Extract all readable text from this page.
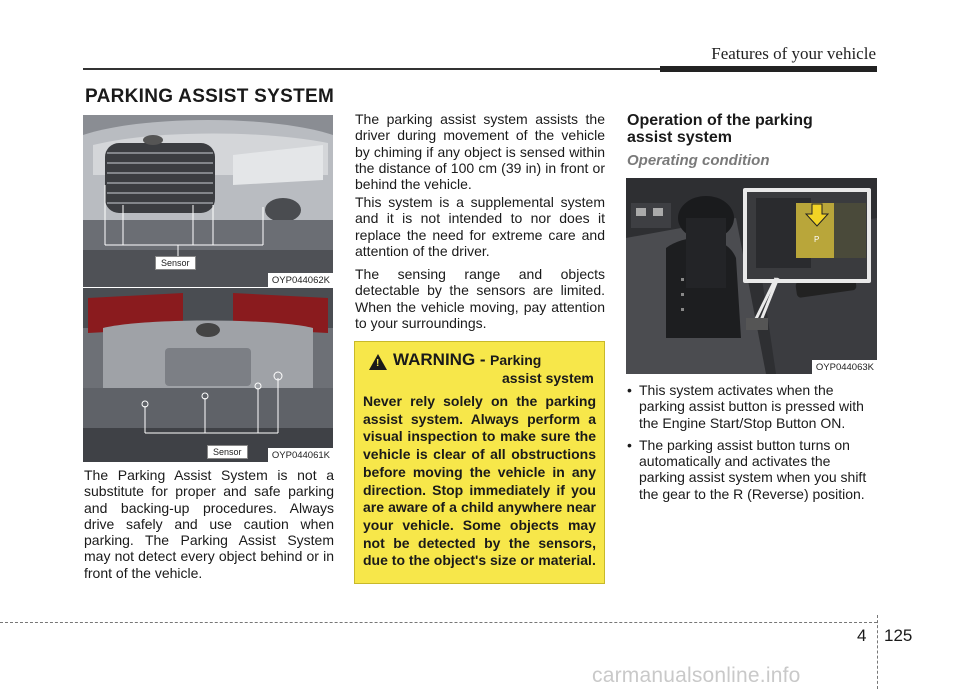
Features of your vehicle
PARKING ASSIST SYSTEM
Sensor
OYP044062K
Sensor	OYP044061K

The Parking Assist System is not a substitute for proper and safe parking and backing-up procedures. Always drive safely and use caution when parking. The Parking Assist System may not detect every object behind or in front of the vehicle.

The parking assist system assists the driver during movement of the vehicle by chiming if any object is sensed within the distance of 100 cm (39 in) in front or behind the vehicle.

This system is a supplemental system and it is not intended to nor does it replace the need for extreme care and attention of the driver.

The sensing range and objects detectable by the sensors are limited. When the vehicle moving, pay attention to your surroundings.

! WARNING - Parking
assist system
Never rely solely on the parking assist system. Always perform a visual inspection to make sure the vehicle is clear of all obstructions before moving the vehicle in any direction. Stop immediately if you are aware of a child anywhere near your vehicle. Some objects may not be detected by the sensors, due to the object's size or material.
Operation of the parking assist system
Operating condition
P
OYP044063K
• This system activates when the parking assist button is pressed with the Engine Start/Stop Button ON.
• The parking assist button turns on automatically and activates the parking assist system when you shift the gear to the R (Reverse) position.
4 125
carmanualsonline.info
